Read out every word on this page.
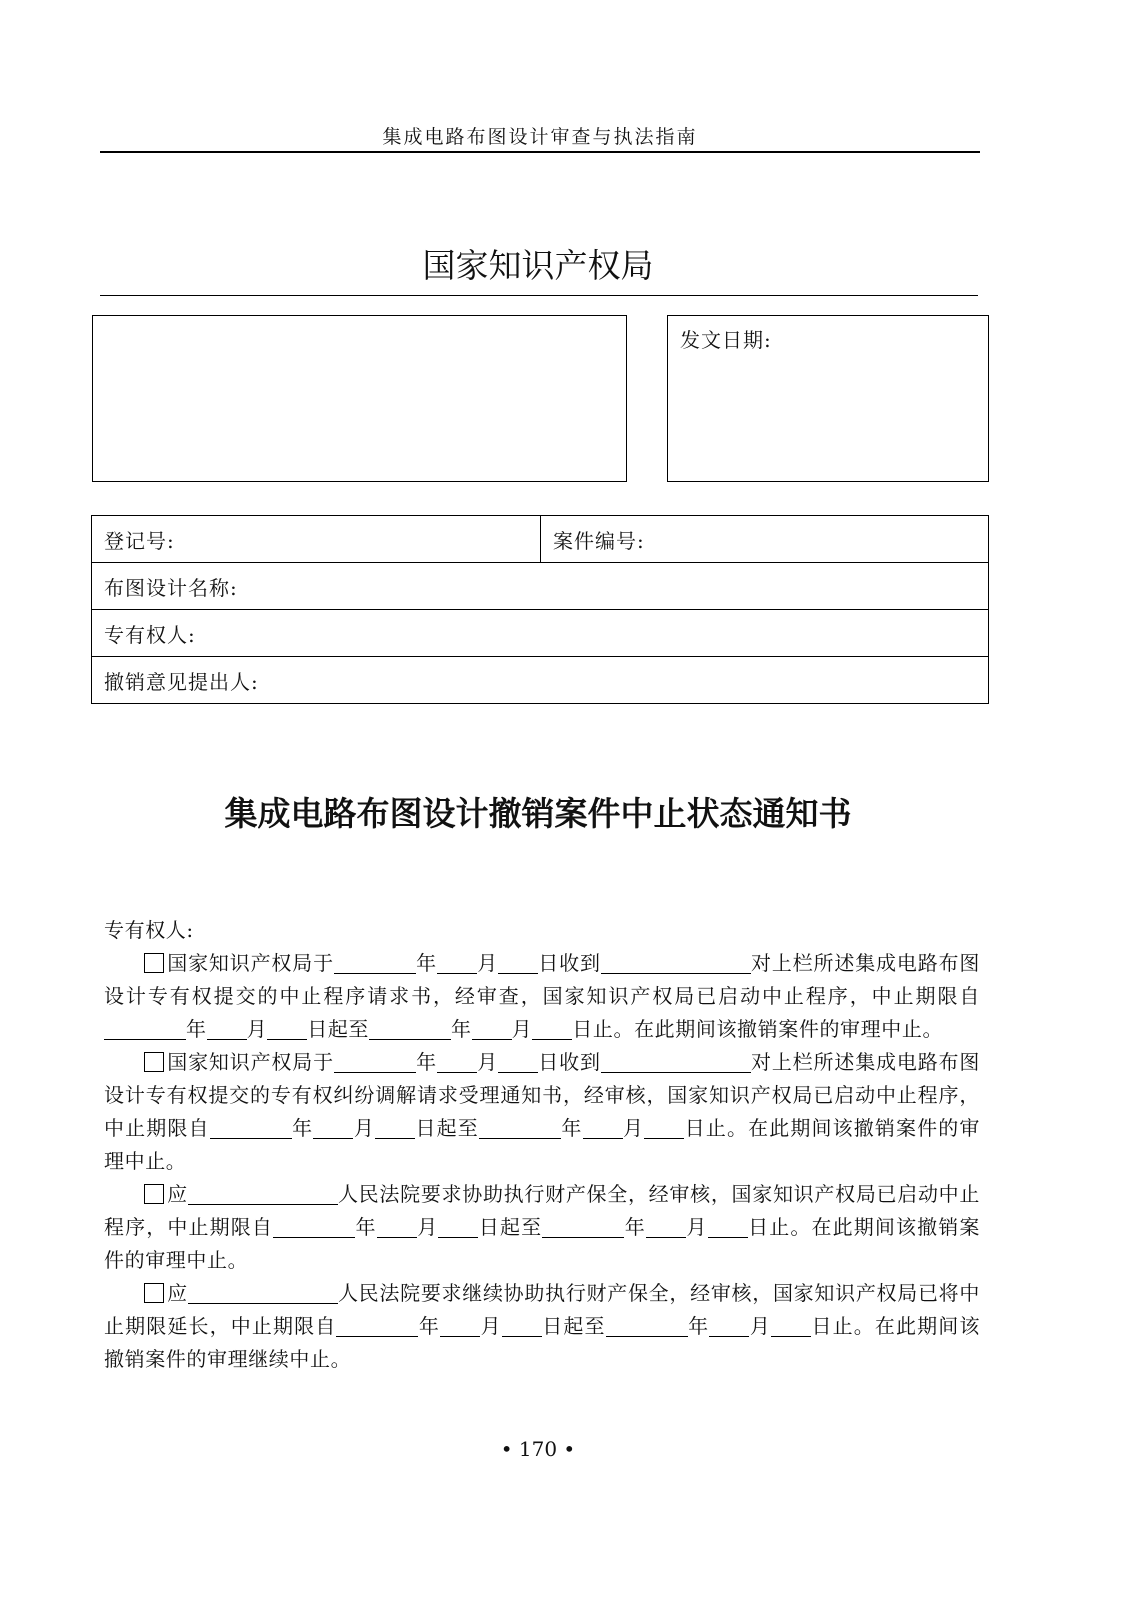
集成电路布图设计审查与执法指南
国家知识产权局
发文日期:
登记号:	案件编号:
布图设计名称:
专有权人:
撤销意见提出人:
集成电路布图设计撤销案件中止状态通知书

专有权人:

国家知识产权局于	年 月 日收到	对上栏所述集成电路布图设计专有权提交的中止程序请求书，经审查，国家知识产权局已启动中止程序，中止期限自年 月 日起至	年 月 日止。在此期间该撤销案件的审理中止。

国家知识产权局于	年 月 日收到	对上栏所述集成电路布图设计专有权提交的专有权纠纷调解请求受理通知书，经审核，国家知识产权局已启动中止程序，中止期限自	年 月 日起至	年 月 日止。在此期间该撤销案件的审理中止。

应	人民法院要求协助执行财产保全，经审核，国家知识产权局已启动中止程序，中止期限自	年 月 日起至	年 月 日止。在此期间该撤销案件的审理中止。

应	人民法院要求继续协助执行财产保全，经审核，国家知识产权局已将中止期限延长，中止期限自	年 月 日起至	年 月 日止。在此期间该撤销案件的审理继续中止。

• 170 •
